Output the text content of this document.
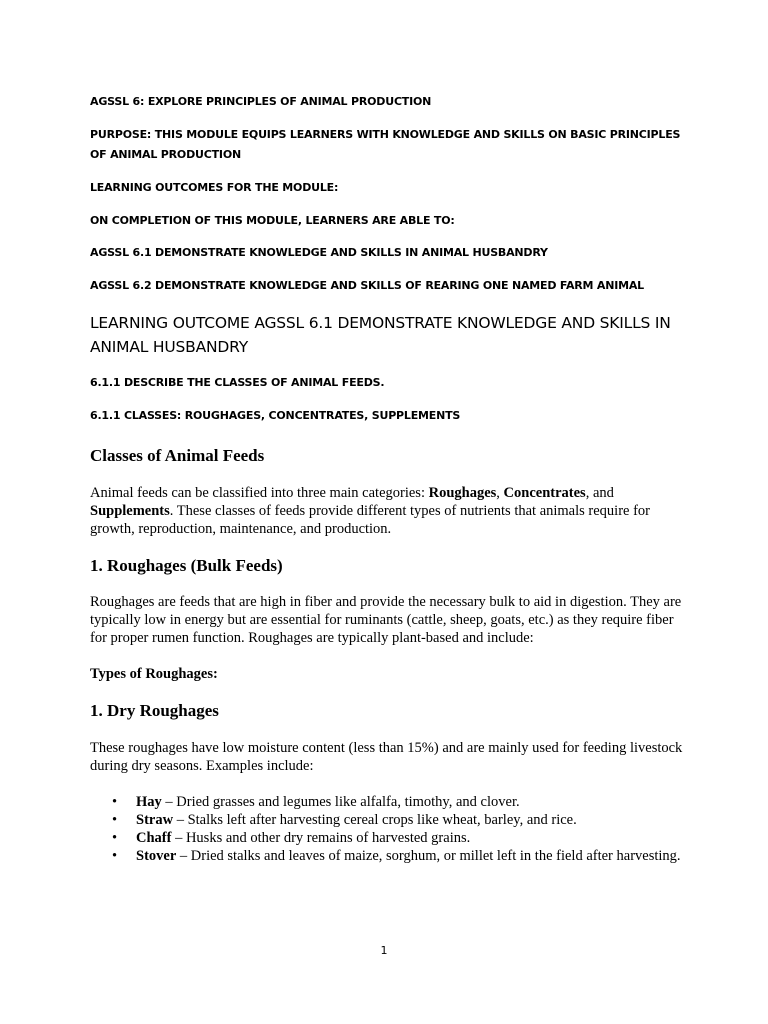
AGSSL 6: EXPLORE PRINCIPLES OF ANIMAL PRODUCTION

PURPOSE: THIS MODULE EQUIPS LEARNERS WITH KNOWLEDGE AND SKILLS ON BASIC PRINCIPLES OF ANIMAL PRODUCTION

LEARNING OUTCOMES FOR THE MODULE:

ON COMPLETION OF THIS MODULE, LEARNERS ARE ABLE TO:

AGSSL 6.1 DEMONSTRATE KNOWLEDGE AND SKILLS IN ANIMAL HUSBANDRY

AGSSL 6.2 DEMONSTRATE KNOWLEDGE AND SKILLS OF REARING ONE NAMED FARM ANIMAL

LEARNING OUTCOME AGSSL 6.1 DEMONSTRATE KNOWLEDGE AND SKILLS IN ANIMAL HUSBANDRY

6.1.1 DESCRIBE THE CLASSES OF ANIMAL FEEDS.

6.1.1 CLASSES: ROUGHAGES, CONCENTRATES, SUPPLEMENTS

Classes of Animal Feeds

Animal feeds can be classified into three main categories: Roughages, Concentrates, and Supplements. These classes of feeds provide different types of nutrients that animals require for growth, reproduction, maintenance, and production.

1. Roughages (Bulk Feeds)

Roughages are feeds that are high in fiber and provide the necessary bulk to aid in digestion. They are typically low in energy but are essential for ruminants (cattle, sheep, goats, etc.) as they require fiber for proper rumen function. Roughages are typically plant-based and include:

Types of Roughages:

1. Dry Roughages

These roughages have low moisture content (less than 15%) and are mainly used for feeding livestock during dry seasons. Examples include:

• Hay – Dried grasses and legumes like alfalfa, timothy, and clover.
• Straw – Stalks left after harvesting cereal crops like wheat, barley, and rice.
• Chaff – Husks and other dry remains of harvested grains.
• Stover – Dried stalks and leaves of maize, sorghum, or millet left in the field after harvesting.
1
